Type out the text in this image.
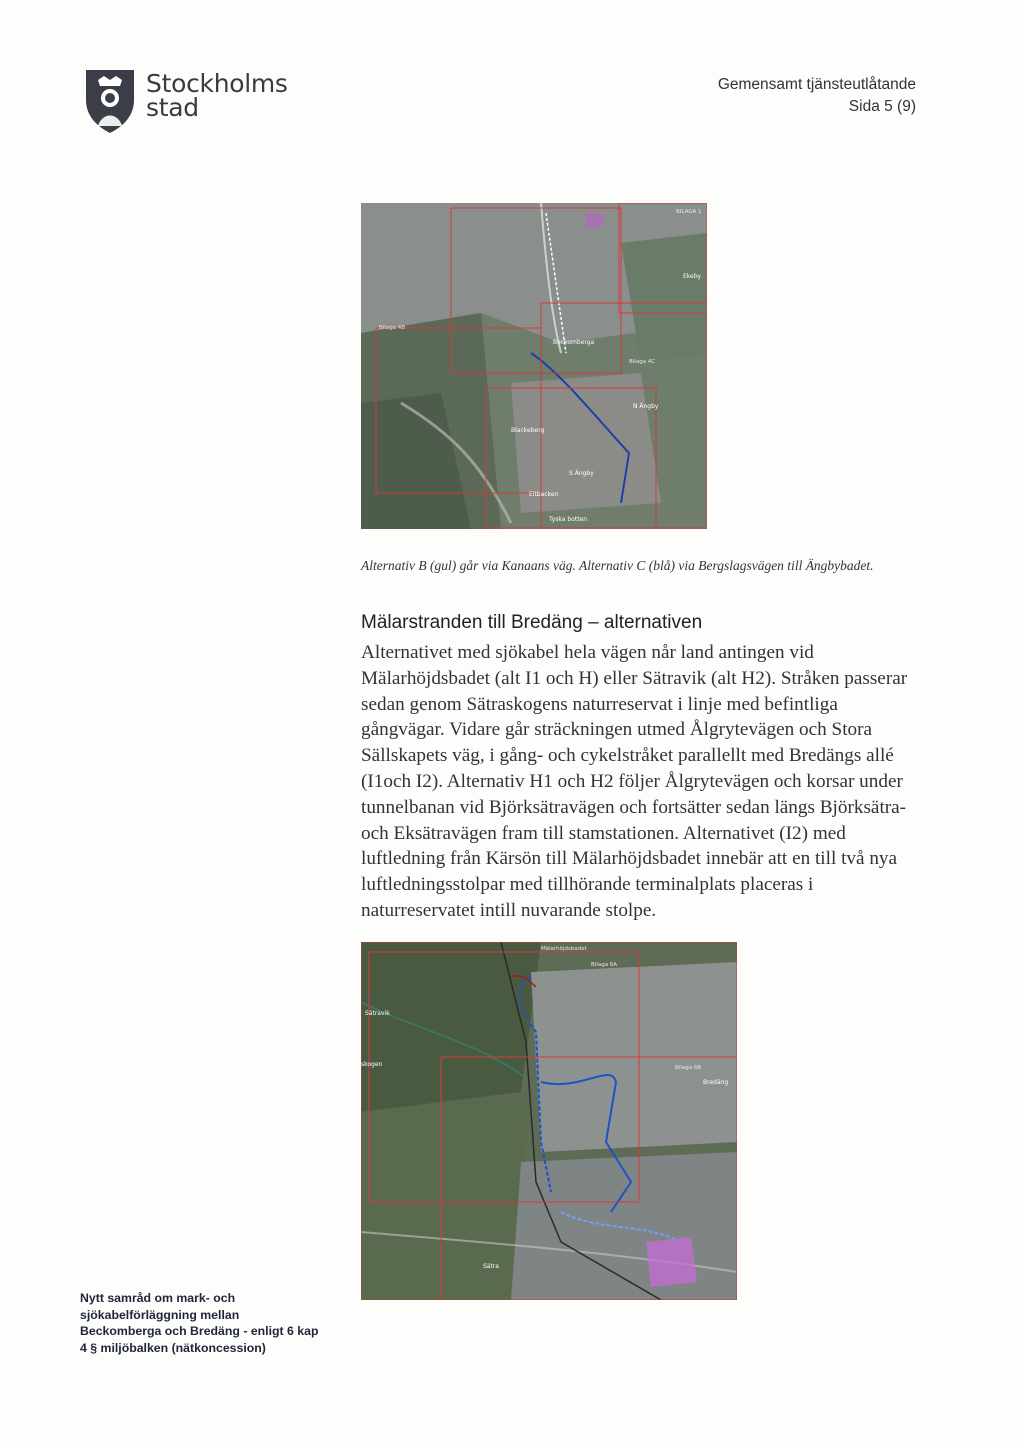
Stockholms
stad
Gemensamt tjänsteutlåtande
Sida 5 (9)
Ekeby
Beckomberga
Bilaga 4C
N Ängby
Blackeberg
S Ängby
Eltbacken
Tyska botten
Bilaga 4B
BILAGA 1
Alternativ B (gul) går via Kanaans väg. Alternativ C (blå) via Bergslagsvägen till Ängbybadet.
Mälarstranden till Bredäng – alternativen
Alternativet med sjökabel hela vägen når land antingen vid Mälarhöjdsbadet (alt I1 och H) eller Sätravik (alt H2). Stråken passerar sedan genom Sätraskogens naturreservat i linje med befintliga gångvägar. Vidare går sträckningen utmed Ålgrytevägen och Stora Sällskapets väg, i gång- och cykelstråket parallellt med Bredängs allé (I1och I2). Alternativ H1 och H2 följer Ålgrytevägen och korsar under tunnelbanan vid Björksätravägen och fortsätter sedan längs Björksätra- och Eksätravägen fram till stamstationen. Alternativet (I2) med luftledning från Kärsön till Mälarhöjdsbadet innebär att en till två nya luftledningsstolpar med tillhörande terminalplats placeras i naturreservatet intill nuvarande stolpe.
Mälarhöjdsbadet
Bilaga 6A
Bilaga 6B
Bredäng
Sätravik
skogen
Sätra
Nytt samråd om mark- och sjökabelförläggning mellan Beckomberga och Bredäng - enligt 6 kap 4 § miljöbalken (nätkoncession)
